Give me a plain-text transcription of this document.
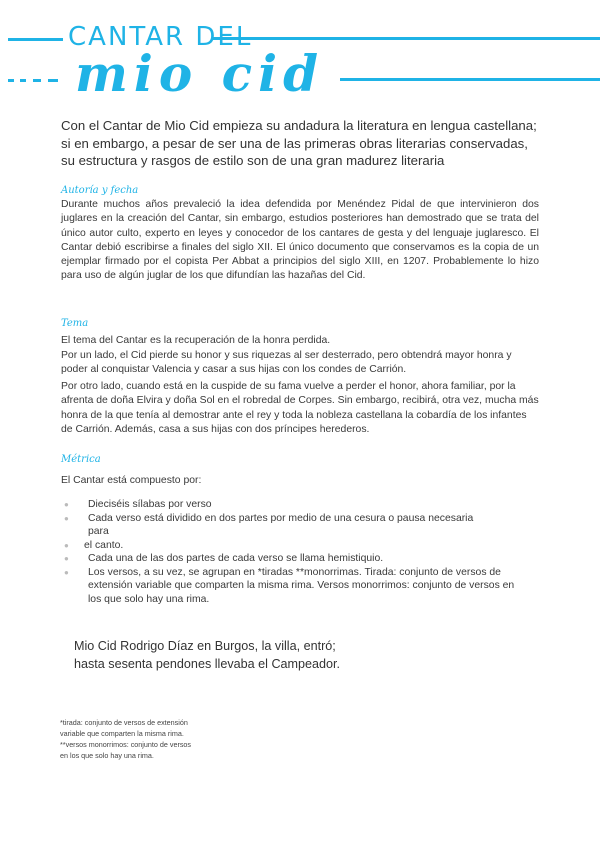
CANTAR DEL
mio cid
Con el Cantar de Mio Cid empieza su andadura la literatura en lengua castellana; si en embargo, a pesar de ser una de las primeras obras literarias conservadas, su estructura y rasgos de estilo son de una gran madurez literaria
Autoría y fecha
Durante muchos años prevaleció la idea defendida por Menéndez Pidal de que intervinieron dos juglares en la creación del Cantar, sin embargo, estudios posteriores han demostrado que se trata del único autor culto, experto en leyes y conocedor de los cantares de gesta y del lenguaje juglaresco. El Cantar debió escribirse a finales del siglo XII. El único documento que conservamos es la copia de un ejemplar firmado por el copista Per Abbat a principios del siglo XIII, en 1207. Probablemente lo hizo para uso de algún juglar de los que difundían las hazañas del Cid.
Tema
El tema del Cantar es la recuperación de la honra perdida.
Por un lado, el Cid pierde su honor y sus riquezas al ser desterrado, pero obtendrá mayor honra y poder al conquistar Valencia y casar a sus hijas con los condes de Carrión.
Por otro lado, cuando está en la cuspide de su fama vuelve a perder el honor, ahora familiar, por la afrenta de doña Elvira y doña Sol en el robredal de Corpes. Sin embargo, recibirá, otra vez, mucha más honra de la que tenía al demostrar ante el rey y toda la nobleza castellana la cobardía de los infantes de Carrión. Además, casa a sus hijas con dos príncipes herederos.
Métrica
El Cantar está compuesto por:
● Dieciséis sílabas por verso
● Cada verso está dividido en dos partes por medio de una cesura o pausa necesaria para
● el canto.
● Cada una de las dos partes de cada verso se llama hemistiquio.
● Los versos, a su vez, se agrupan en *tiradas **monorrimas. Tirada: conjunto de versos de extensión variable que comparten la misma rima. Versos monorrimos: conjunto de versos en los que solo hay una rima.
Mio Cid Rodrigo Díaz en Burgos, la villa, entró;
hasta sesenta pendones llevaba el Campeador.
*tirada: conjunto de versos de extensión variable que comparten la misma rima.
**versos monorrimos: conjunto de versos en los que solo hay una rima.
